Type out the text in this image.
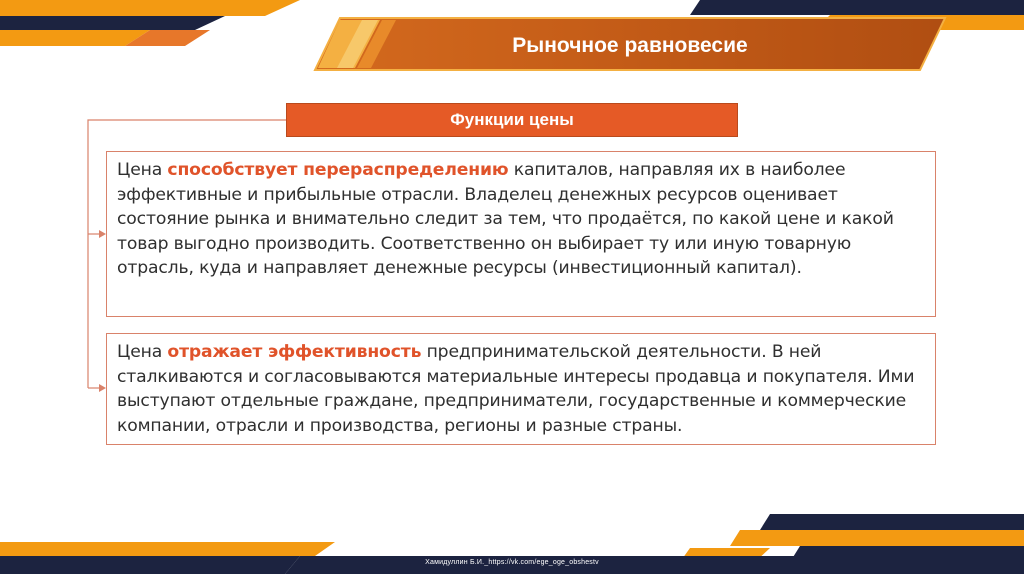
Рыночное равновесие
Функции цены
Цена способствует перераспределению капиталов, направляя их в наиболее эффективные и прибыльные отрасли. Владелец денежных ресурсов оценивает состояние рынка и внимательно следит за тем, что продаётся, по какой цене и какой товар выгодно производить. Соответственно он выбирает ту или иную товарную отрасль, куда и направляет денежные ресурсы (инвестиционный капитал).
Цена отражает эффективность предпринимательской деятельности. В ней сталкиваются и согласовываются материальные интересы продавца и покупателя. Ими выступают отдельные граждане, предприниматели, государственные и коммерческие компании, отрасли и производства, регионы и разные страны.
Хамидуллин Б.И._https://vk.com/ege_oge_obshestv
